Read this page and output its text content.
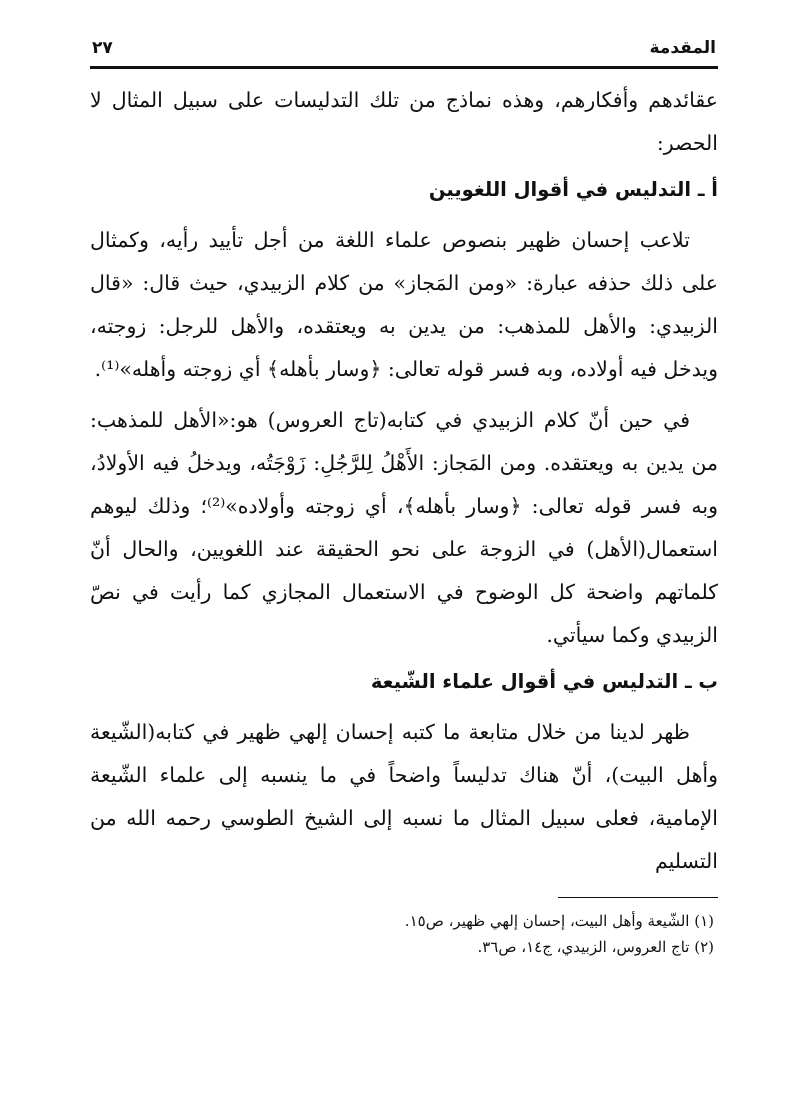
المقدمة
٢٧

عقائدهم وأفكارهم، وهذه نماذج من تلك التدليسات على سبيل المثال لا الحصر:

أ ـ التدليس في أقوال اللغويين

تلاعب إحسان ظهير بنصوص علماء اللغة من أجل تأييد رأيه، وكمثال على ذلك حذفه عبارة: «ومن المَجاز» من كلام الزبيدي، حيث قال: «قال الزبيدي: والأهل للمذهب: من يدين به ويعتقده، والأهل للرجل: زوجته، ويدخل فيه أولاده، وبه فسر قوله تعالى: ﴿وسار بأهله﴾ أي زوجته وأهله»⁽¹⁾.

في حين أنّ كلام الزبيدي في كتابه(تاج العروس) هو:«الأهل للمذهب: من يدين به ويعتقده. ومن المَجاز: الأَهْلُ لِلرَّجُلِ: زَوْجَتُه، ويدخلُ فيه الأولادُ، وبه فسر قوله تعالى: ﴿وسار بأهله﴾، أي زوجته وأولاده»⁽²⁾؛ وذلك ليوهم استعمال(الأهل) في الزوجة على نحو الحقيقة عند اللغويين، والحال أنّ كلماتهم واضحة كل الوضوح في الاستعمال المجازي كما رأيت في نصّ الزبيدي وكما سيأتي.

ب ـ التدليس في أقوال علماء الشّيعة

ظهر لدينا من خلال متابعة ما كتبه إحسان إلهي ظهير في كتابه(الشّيعة وأهل البيت)، أنّ هناك تدليساً واضحاً في ما ينسبه إلى علماء الشّيعة الإمامية، فعلى سبيل المثال ما نسبه إلى الشيخ الطوسي رحمه الله من التسليم

(١) الشّيعة وأهل البيت، إحسان إلهي ظهير، ص١٥.

(٢) تاج العروس، الزبيدي، ج١٤، ص٣٦.
